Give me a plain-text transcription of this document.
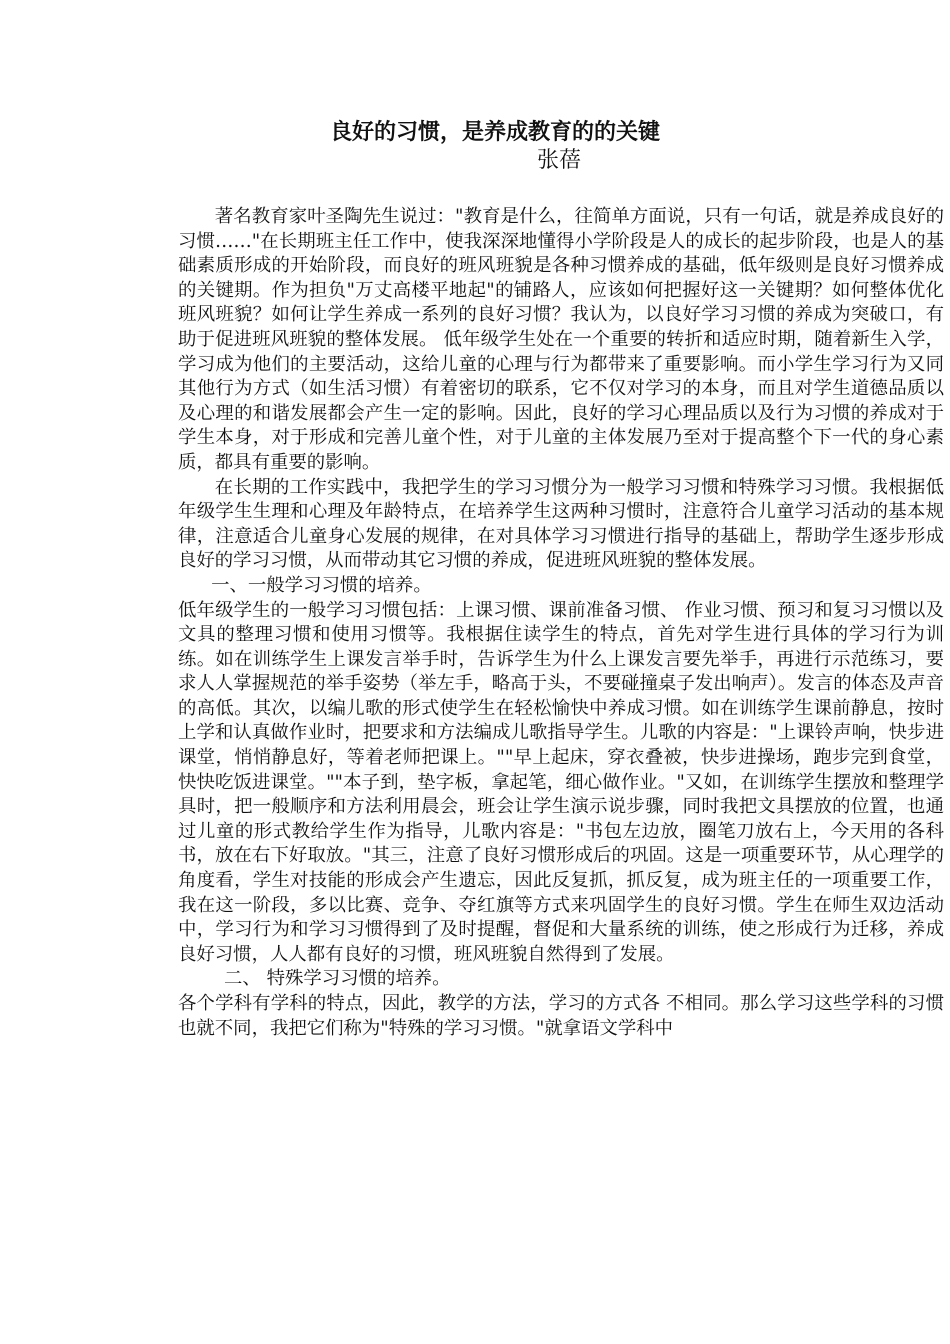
良好的习惯，是养成教育的的关键
张蓓

著名教育家叶圣陶先生说过："教育是什么，往简单方面说，只有一句话，就是养成良好的习惯……"在长期班主任工作中，使我深深地懂得小学阶段是人的成长的起步阶段，也是人的基础素质形成的开始阶段，而良好的班风班貌是各种习惯养成的基础，低年级则是良好习惯养成的关键期。作为担负"万丈高楼平地起"的铺路人，应该如何把握好这一关键期？如何整体优化班风班貌？如何让学生养成一系列的良好习惯？我认为，以良好学习习惯的养成为突破口，有助于促进班风班貌的整体发展。 低年级学生处在一个重要的转折和适应时期，随着新生入学，学习成为他们的主要活动，这给儿童的心理与行为都带来了重要影响。而小学生学习行为又同其他行为方式（如生活习惯）有着密切的联系，它不仅对学习的本身，而且对学生道德品质以及心理的和谐发展都会产生一定的影响。因此，良好的学习心理品质以及行为习惯的养成对于学生本身，对于形成和完善儿童个性，对于儿童的主体发展乃至对于提高整个下一代的身心素质，都具有重要的影响。

在长期的工作实践中，我把学生的学习习惯分为一般学习习惯和特殊学习习惯。我根据低年级学生生理和心理及年龄特点，在培养学生这两种习惯时，注意符合儿童学习活动的基本规律，注意适合儿童身心发展的规律，在对具体学习习惯进行指导的基础上，帮助学生逐步形成良好的学习习惯，从而带动其它习惯的养成，促进班风班貌的整体发展。

一、一般学习习惯的培养。

低年级学生的一般学习习惯包括：上课习惯、课前准备习惯、 作业习惯、预习和复习习惯以及文具的整理习惯和使用习惯等。我根据住读学生的特点，首先对学生进行具体的学习行为训练。如在训练学生上课发言举手时，告诉学生为什么上课发言要先举手，再进行示范练习，要求人人掌握规范的举手姿势（举左手，略高于头，不要碰撞桌子发出响声）。发言的体态及声音的高低。其次，以编儿歌的形式使学生在轻松愉快中养成习惯。如在训练学生课前静息，按时上学和认真做作业时，把要求和方法编成儿歌指导学生。儿歌的内容是："上课铃声响，快步进课堂，悄悄静息好，等着老师把课上。""早上起床，穿衣叠被，快步进操场，跑步完到食堂，快快吃饭进课堂。""本子到，垫字板，拿起笔，细心做作业。"又如，在训练学生摆放和整理学具时，把一般顺序和方法利用晨会，班会让学生演示说步骤，同时我把文具摆放的位置，也通过儿童的形式教给学生作为指导，儿歌内容是："书包左边放，圈笔刀放右上，今天用的各科书，放在右下好取放。"其三，注意了良好习惯形成后的巩固。这是一项重要环节，从心理学的角度看，学生对技能的形成会产生遗忘，因此反复抓，抓反复，成为班主任的一项重要工作，我在这一阶段，多以比赛、竞争、夺红旗等方式来巩固学生的良好习惯。学生在师生双边活动中，学习行为和学习习惯得到了及时提醒，督促和大量系统的训练，使之形成行为迁移，养成良好习惯，人人都有良好的习惯，班风班貌自然得到了发展。

二、 特殊学习习惯的培养。

各个学科有学科的特点，因此，教学的方法，学习的方式各 不相同。那么学习这些学科的习惯也就不同，我把它们称为"特殊的学习习惯。"就拿语文学科中
